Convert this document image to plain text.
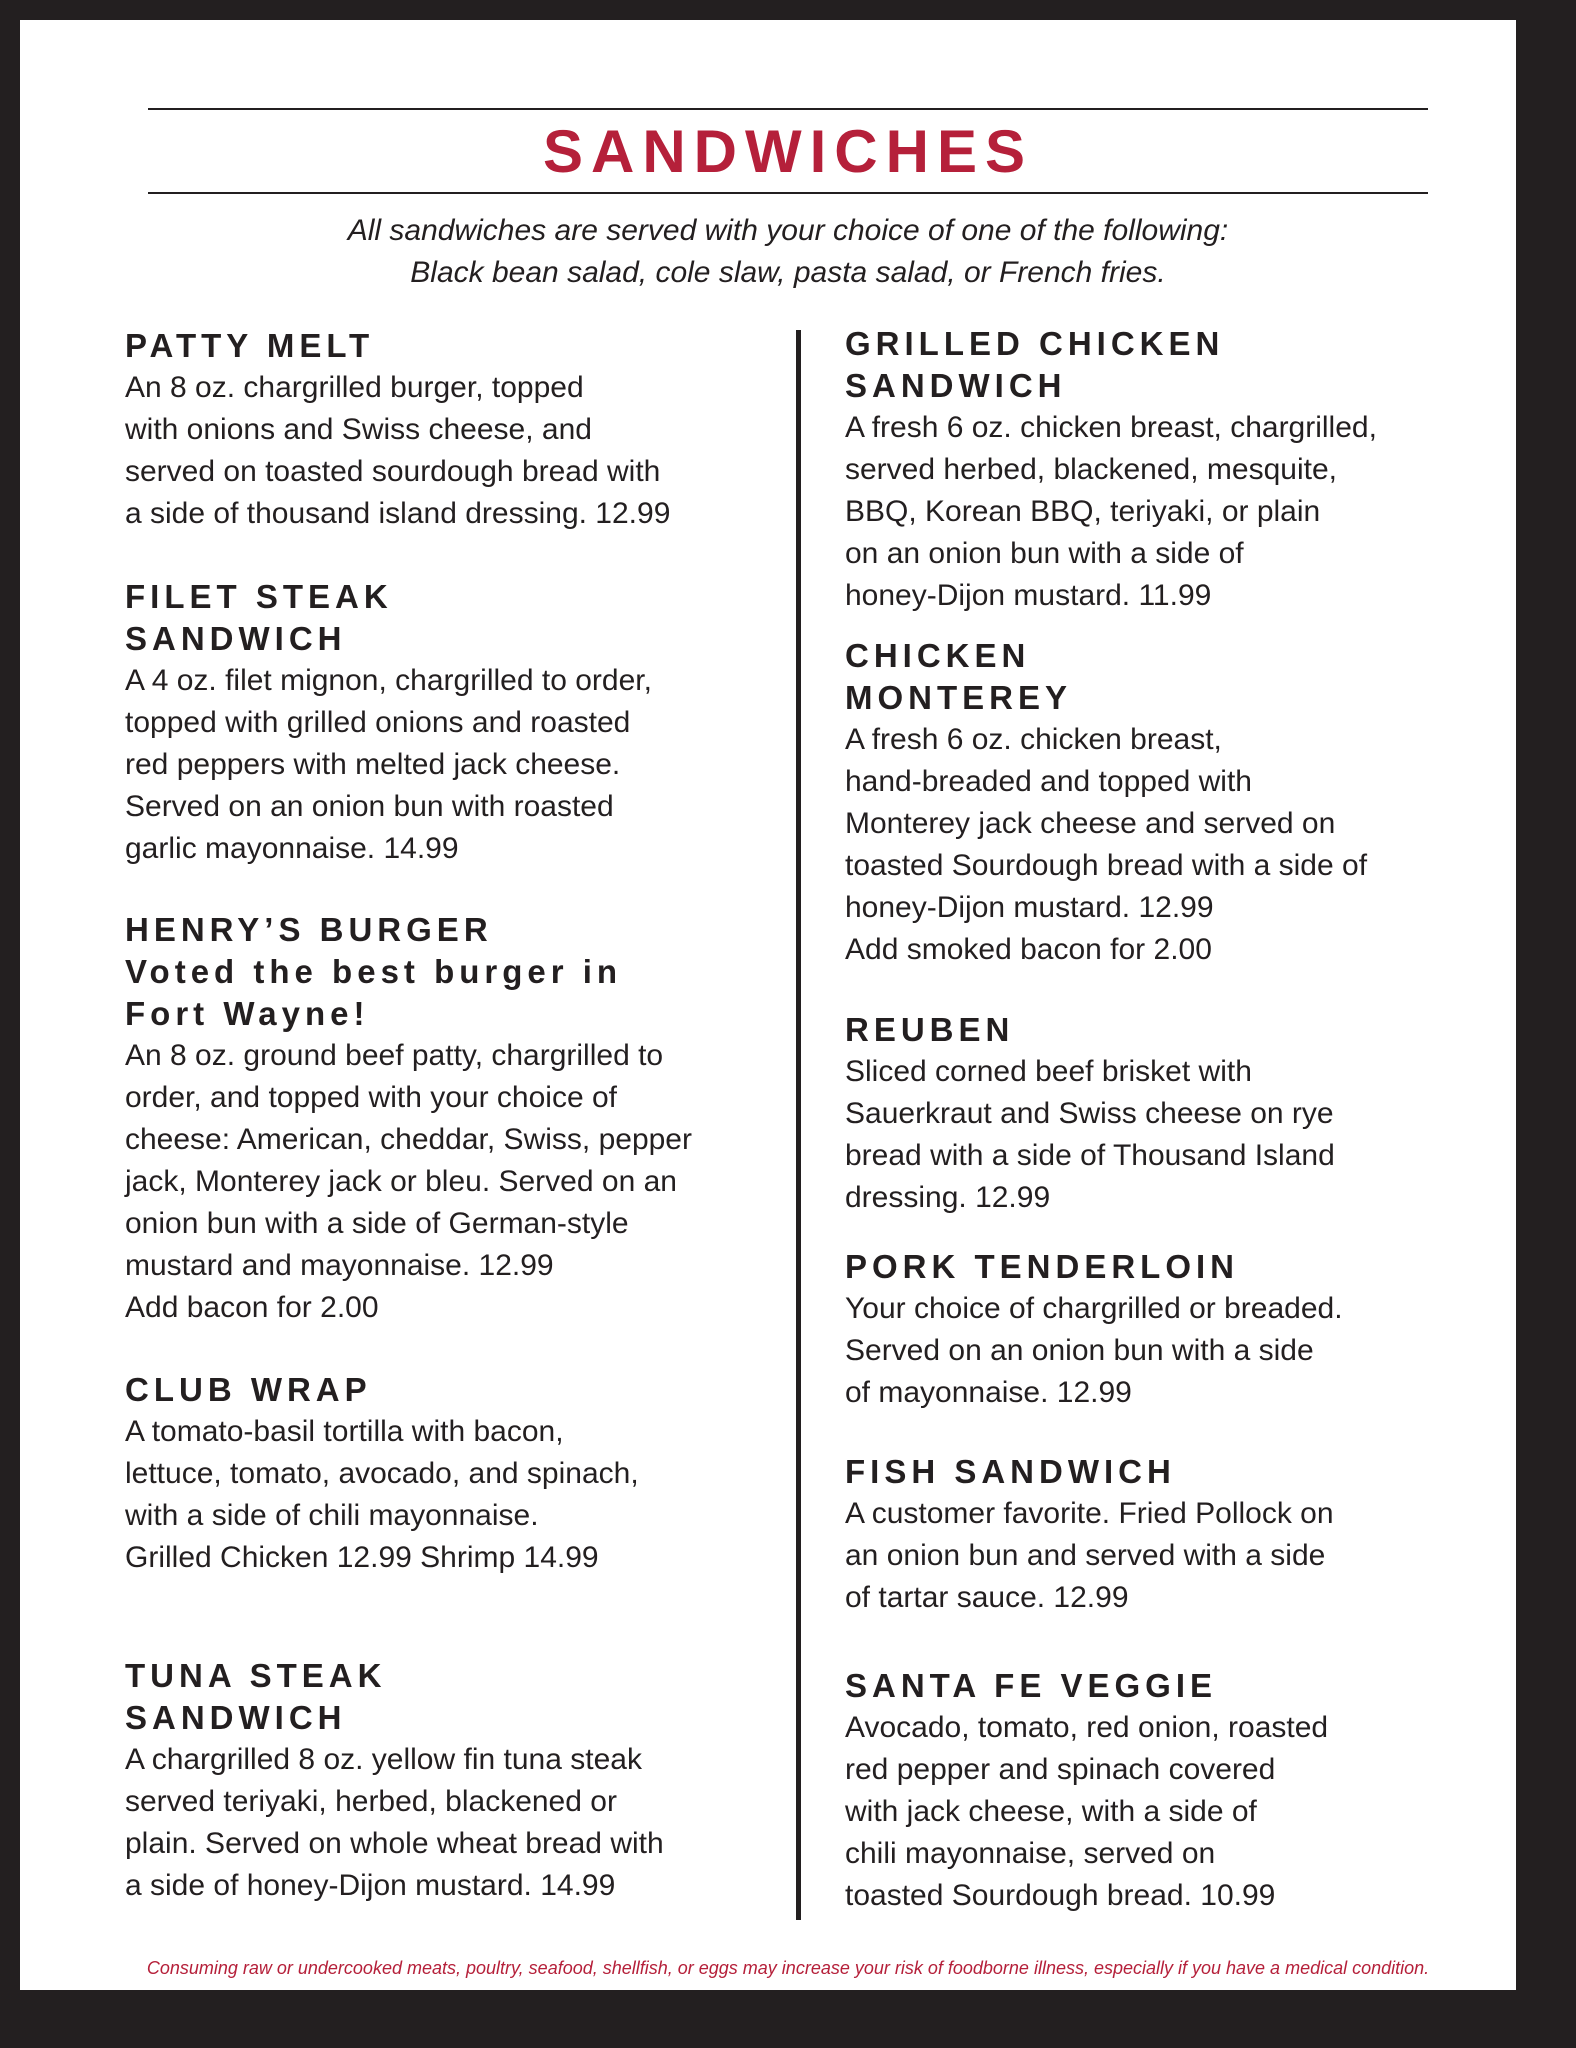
SANDWICHES
All sandwiches are served with your choice of one of the following:
Black bean salad, cole slaw, pasta salad, or French fries.
PATTY MELT

An 8 oz. chargrilled burger, topped
with onions and Swiss cheese, and
served on toasted sourdough bread with
a side of thousand island dressing. 12.99

FILET STEAK
SANDWICH

A 4 oz. filet mignon, chargrilled to order,
topped with grilled onions and roasted
red peppers with melted jack cheese.
Served on an onion bun with roasted
garlic mayonnaise. 14.99

HENRY’S BURGER
Voted the best burger in
Fort Wayne!

An 8 oz. ground beef patty, chargrilled to
order, and topped with your choice of
cheese: American, cheddar, Swiss, pepper
jack, Monterey jack or bleu. Served on an
onion bun with a side of German-style
mustard and mayonnaise. 12.99
Add bacon for 2.00

CLUB WRAP

A tomato-basil tortilla with bacon,
lettuce, tomato, avocado, and spinach,
with a side of chili mayonnaise.
Grilled Chicken 12.99 Shrimp 14.99

TUNA STEAK
SANDWICH

A chargrilled 8 oz. yellow fin tuna steak
served teriyaki, herbed, blackened or
plain. Served on whole wheat bread with
a side of honey-Dijon mustard. 14.99

GRILLED CHICKEN
SANDWICH

A fresh 6 oz. chicken breast, chargrilled,
served herbed, blackened, mesquite,
BBQ, Korean BBQ, teriyaki, or plain
on an onion bun with a side of
honey-Dijon mustard. 11.99

CHICKEN
MONTEREY

A fresh 6 oz. chicken breast,
hand-breaded and topped with
Monterey jack cheese and served on
toasted Sourdough bread with a side of
honey-Dijon mustard. 12.99
Add smoked bacon for 2.00

REUBEN

Sliced corned beef brisket with
Sauerkraut and Swiss cheese on rye
bread with a side of Thousand Island
dressing. 12.99

PORK TENDERLOIN

Your choice of chargrilled or breaded.
Served on an onion bun with a side
of mayonnaise. 12.99

FISH SANDWICH

A customer favorite. Fried Pollock on
an onion bun and served with a side
of tartar sauce. 12.99

SANTA FE VEGGIE

Avocado, tomato, red onion, roasted
red pepper and spinach covered
with jack cheese, with a side of
chili mayonnaise, served on
toasted Sourdough bread. 10.99

Consuming raw or undercooked meats, poultry, seafood, shellfish, or eggs may increase your risk of foodborne illness, especially if you have a medical condition.
